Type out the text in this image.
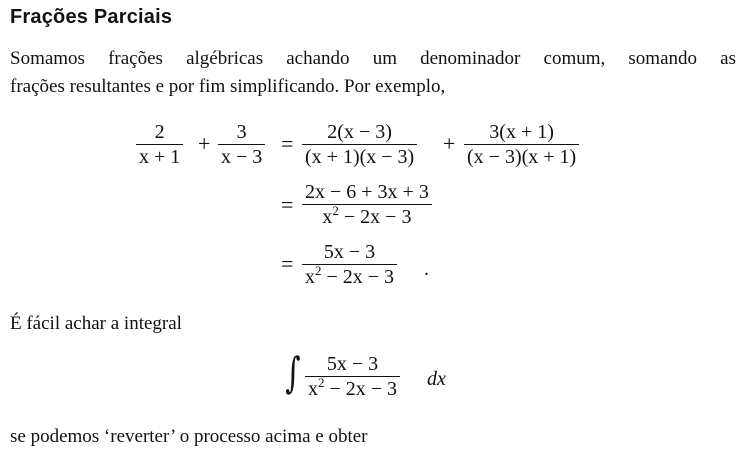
Frações Parciais
Somamos frações algébricas achando um denominador comum, somando as
frações resultantes e por fim simplificando. Por exemplo,
2
x + 1
+ 3
x − 3
= 2(x − 3)
(x + 1)(x − 3)
+ 3(x + 1)
(x − 3)(x + 1)
= 2x − 6 + 3x + 3
$x^2 - 2x - 3$
= 5x − 3
$x^2 - 2x - 3$ .
É fácil achar a integral
∫ 5x − 3
$x^2 - 2x - 3$ dx
se podemos ‘reverter’ o processo acima e obter
